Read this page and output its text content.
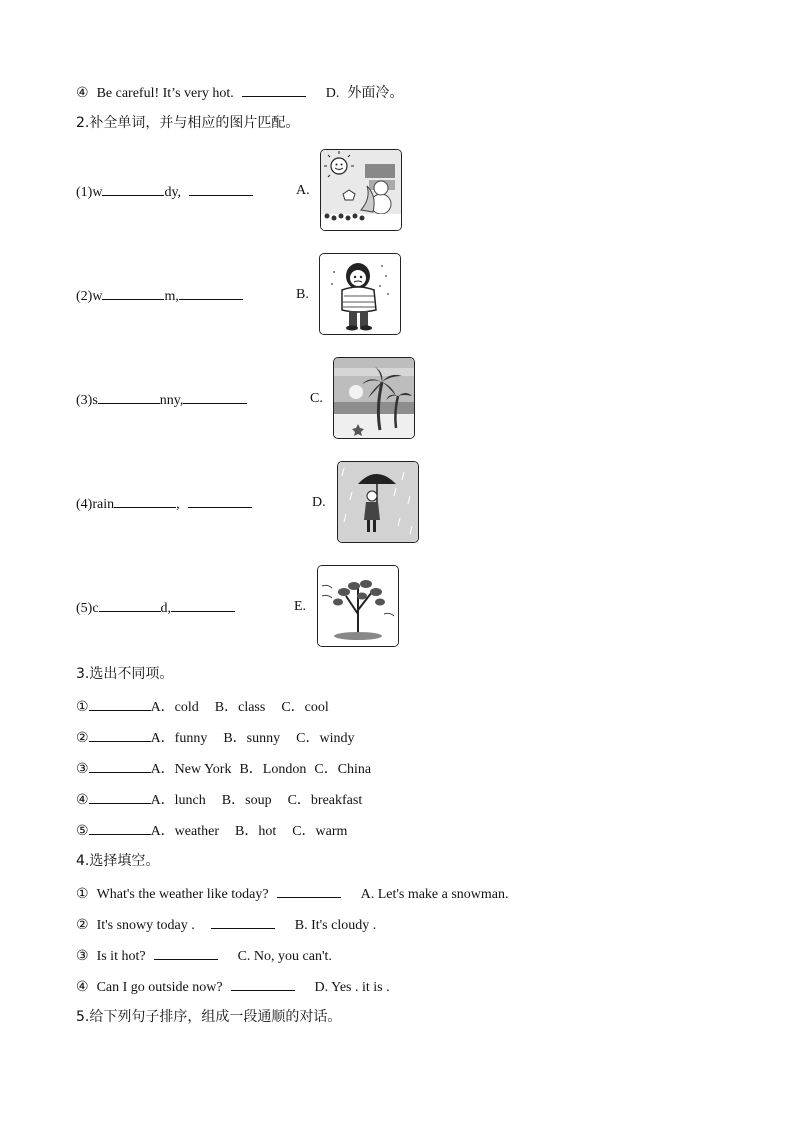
④ Be careful! It’s very hot.	D. 外面冷。
2.补全单词，并与相应的图片匹配。
(1)w	dy,	A.
(2)w	m,	B.
(3)s	nny,	C.
(4)rain	,	D.
(5)c	d,	E.
3.选出不同项。
①	A．cold B．class C．cool
②	A．funny B．sunny C．windy
③	A．New York B．London C．China
④	A．lunch B．soup C．breakfast
⑤	A．weather B．hot C．warm
4.选择填空。
① What's the weather like today?	A. Let's make a snowman.
② It's snowy today .	B. It's cloudy .
③ Is it hot?	C. No, you can't.
④ Can I go outside now?	D. Yes . it is .
5.给下列句子排序，组成一段通顺的对话。
